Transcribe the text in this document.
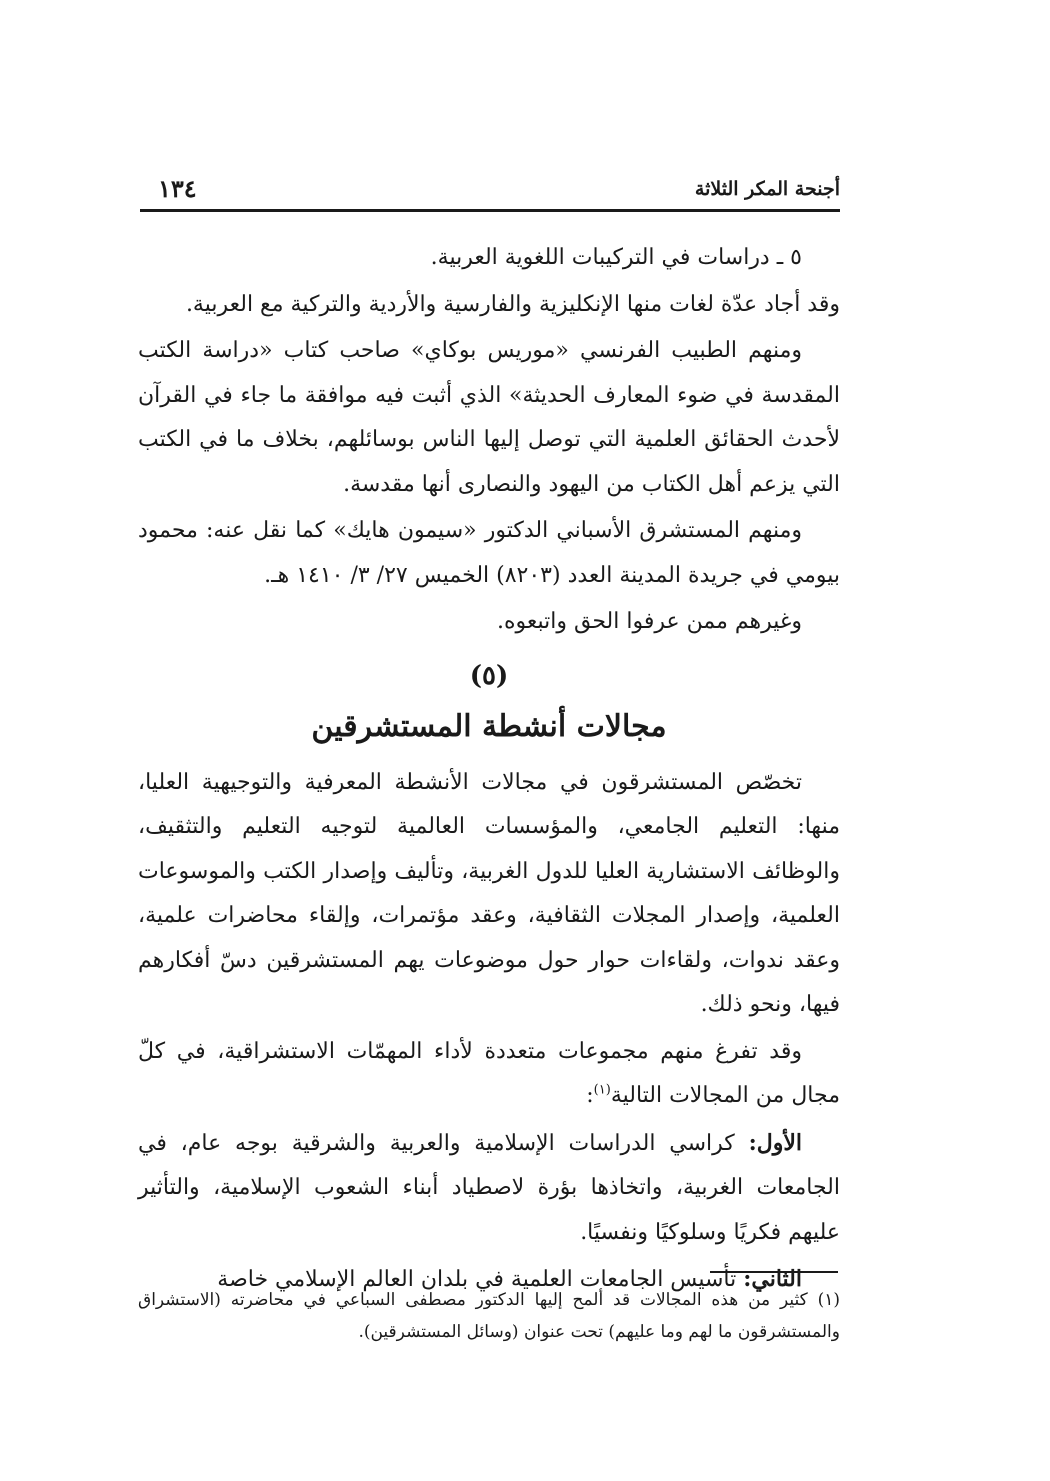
أجنحة المكر الثلاثة
١٣٤

٥ ـ دراسات في التركيبات اللغوية العربية.

وقد أجاد عدّة لغات منها الإنكليزية والفارسية والأردية والتركية مع العربية.

ومنهم الطبيب الفرنسي «موريس بوكاي» صاحب كتاب «دراسة الكتب المقدسة في ضوء المعارف الحديثة» الذي أثبت فيه موافقة ما جاء في القرآن لأحدث الحقائق العلمية التي توصل إليها الناس بوسائلهم، بخلاف ما في الكتب التي يزعم أهل الكتاب من اليهود والنصارى أنها مقدسة.

ومنهم المستشرق الأسباني الدكتور «سيمون هايك» كما نقل عنه: محمود بيومي في جريدة المدينة العدد (٨٢٠٣) الخميس ٢٧/ ٣/ ١٤١٠ هـ.

وغيرهم ممن عرفوا الحق واتبعوه.

(٥)
مجالات أنشطة المستشرقين

تخصّص المستشرقون في مجالات الأنشطة المعرفية والتوجيهية العليا، منها: التعليم الجامعي، والمؤسسات العالمية لتوجيه التعليم والتثقيف، والوظائف الاستشارية العليا للدول الغربية، وتأليف وإصدار الكتب والموسوعات العلمية، وإصدار المجلات الثقافية، وعقد مؤتمرات، وإلقاء محاضرات علمية، وعقد ندوات، ولقاءات حوار حول موضوعات يهم المستشرقين دسّ أفكارهم فيها، ونحو ذلك.

وقد تفرغ منهم مجموعات متعددة لأداء المهمّات الاستشراقية، في كلّ مجال من المجالات التالية$^{(١)}$:

الأول: كراسي الدراسات الإسلامية والعربية والشرقية بوجه عام، في الجامعات الغربية، واتخاذها بؤرة لاصطياد أبناء الشعوب الإسلامية، والتأثير عليهم فكريًا وسلوكيًا ونفسيًا.

الثاني: تأسيس الجامعات العلمية في بلدان العالم الإسلامي خاصة

(١) كثير من هذه المجالات قد ألمح إليها الدكتور مصطفى السباعي في محاضرته (الاستشراق والمستشرقون ما لهم وما عليهم) تحت عنوان (وسائل المستشرقين).
